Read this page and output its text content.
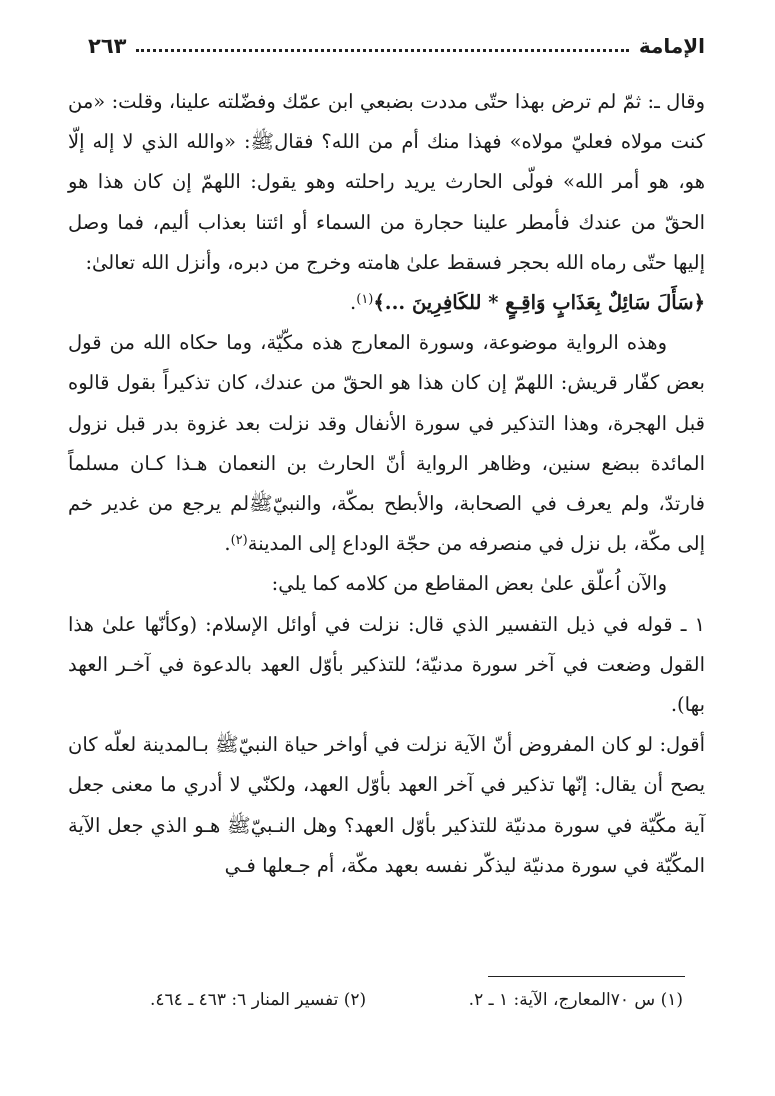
الإمامة
٢٦٣

وقال ـ: ثمّ لم ترض بهذا حتّى مددت بضبعي ابن عمّك وفضّلته علينا، وقلت: «من كنت مولاه فعليّ مولاه» فهذا منك أم من الله؟ فقالﷺ: «والله الذي لا إله إلّا هو، هو أمر الله» فولّى الحارث يريد راحلته وهو يقول: اللهمّ إن كان هذا هو الحقّ من عندك فأمطر علينا حجارة من السماء أو ائتنا بعذاب أليم، فما وصل إليها حتّى رماه الله بحجر فسقط علىٰ هامته وخرج من دبره، وأنزل الله تعالىٰ:
﴿سَأَلَ سَائِلٌ بِعَذَابٍ وَاقِـعٍ * للكَافِرِينَ ...﴾$^{(١)}$.

وهذه الرواية موضوعة، وسورة المعارج هذه مكّيّة، وما حكاه الله من قول بعض كفّار قريش: اللهمّ إن كان هذا هو الحقّ من عندك، كان تذكيراً بقول قالوه قبل الهجرة، وهذا التذكير في سورة الأنفال وقد نزلت بعد غزوة بدر قبل نزول المائدة ببضع سنين، وظاهر الرواية أنّ الحارث بن النعمان هـذا كـان مسلماً فارتدّ، ولم يعرف في الصحابة، والأبطح بمكّة، والنبيّﷺلم يرجع من غدير خم إلى مكّة، بل نزل في منصرفه من حجّة الوداع إلى المدينة$^{(٢)}$.

والآن اُعلّق علىٰ بعض المقاطع من كلامه كما يلي:

١ ـ قوله في ذيل التفسير الذي قال: نزلت في أوائل الإسلام: (وكأنّها علىٰ هذا القول وضعت في آخر سورة مدنيّة؛ للتذكير بأوّل العهد بالدعوة في آخـر العهد بها).

أقول: لو كان المفروض أنّ الآية نزلت في أواخر حياة النبيّﷺ بـالمدينة لعلّه كان يصح أن يقال: إنّها تذكير في آخر العهد بأوّل العهد، ولكنّي لا أدري ما معنى جعل آية مكّيّة في سورة مدنيّة للتذكير بأوّل العهد؟ وهل النـبيّﷺ هـو الذي جعل الآية المكّيّة في سورة مدنيّة ليذكّر نفسه بعهد مكّة، أم جـعلها فـي

(١) س ٧٠المعارج، الآية: ١ ـ ٢.
(٢) تفسير المنار ٦: ٤٦٣ ـ ٤٦٤.
